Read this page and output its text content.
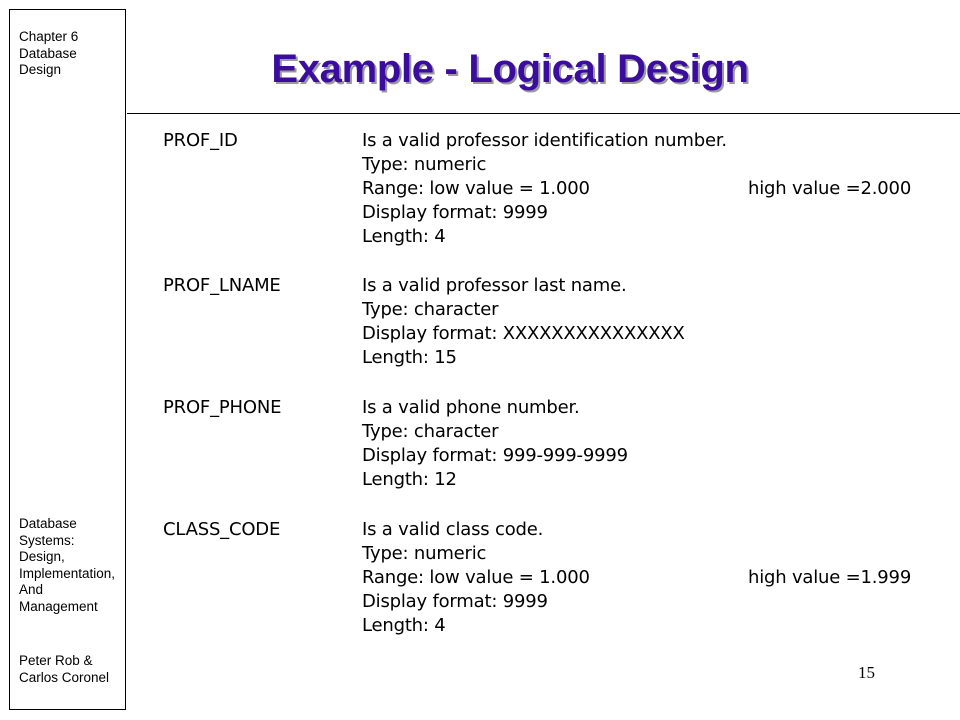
Chapter 6
Database
Design
Database
Systems:
Design,
Implementation,
And
Management
Peter Rob &
Carlos Coronel
Example - Logical Design
PROF_ID	Is a valid professor identification number.
Type: numeric
Range: low value = 1.000	high value =2.000
Display format: 9999
Length: 4
PROF_LNAME	Is a valid professor last name.
Type: character
Display format: XXXXXXXXXXXXXXX
Length: 15
PROF_PHONE	Is a valid phone number.
Type: character
Display format: 999-999-9999
Length: 12
CLASS_CODE	Is a valid class code.
Type: numeric
Range: low value = 1.000	high value =1.999
Display format: 9999
Length: 4
15
